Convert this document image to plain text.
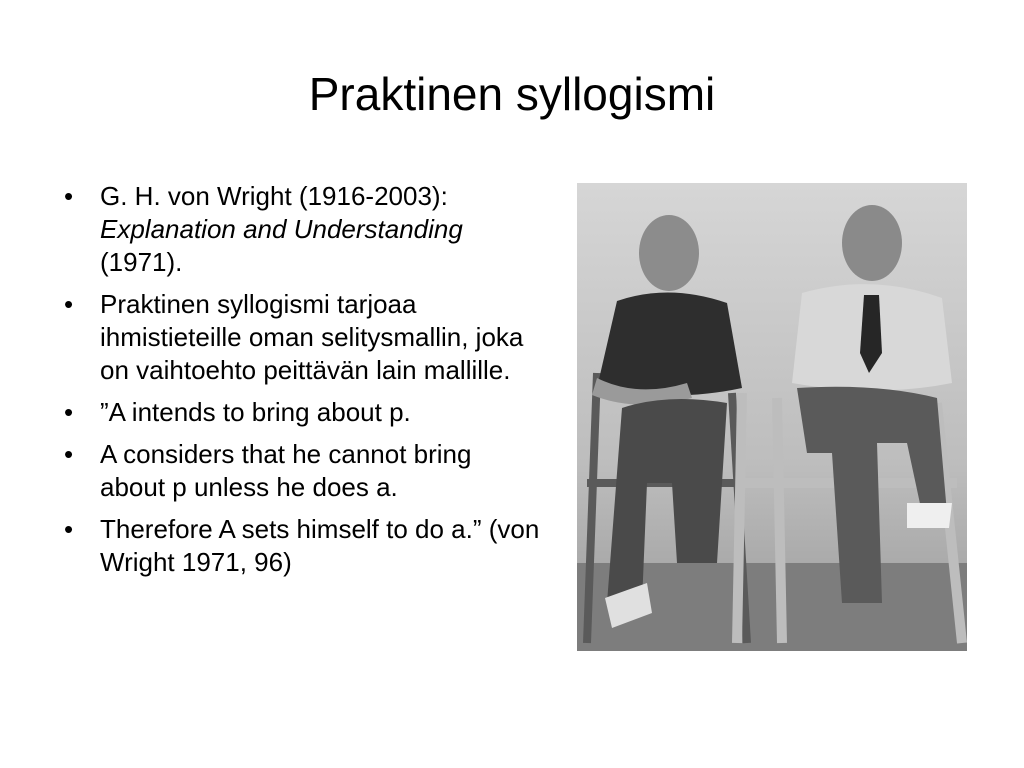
Praktinen syllogismi
•	G. H. von Wright (1916-2003):
Explanation and Understanding (1971).
•	Praktinen syllogismi tarjoaa ihmistieteille oman selitysmallin, joka on vaihtoehto peittävän lain mallille.
•	”A intends to bring about p.
•	A considers that he cannot bring about p unless he does a.
•	Therefore A sets himself to do a.” (von Wright 1971, 96)
